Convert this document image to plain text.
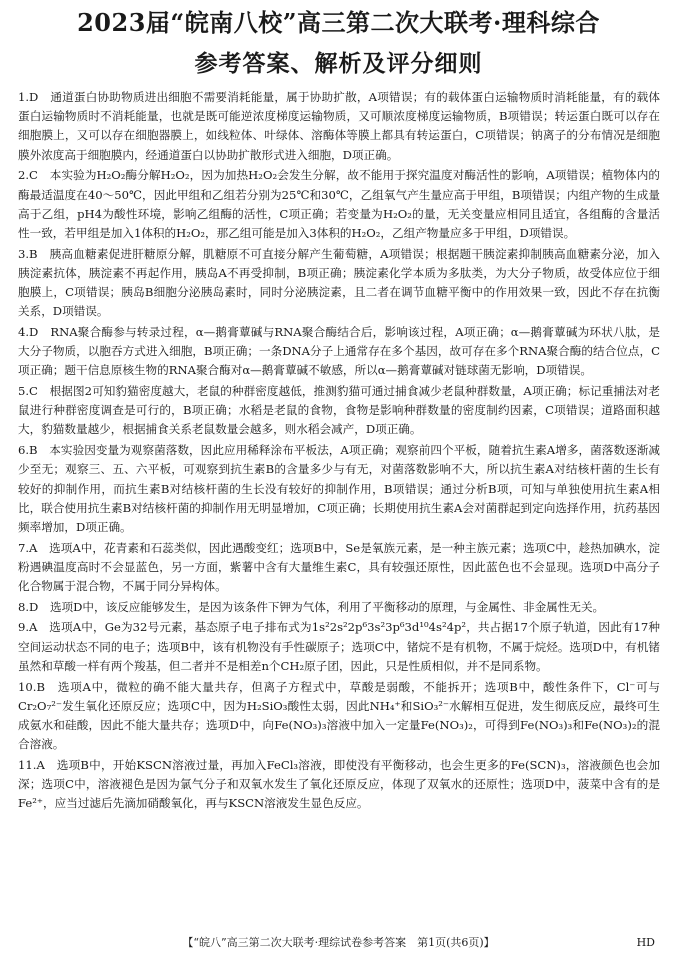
2023届“皖南八校”高三第二次大联考·理科综合
参考答案、解析及评分细则
1.D　通道蛋白协助物质进出细胞不需要消耗能量，属于协助扩散，A项错误；有的载体蛋白运输物质时消耗能量，有的载体蛋白运输物质时不消耗能量，也就是既可能逆浓度梯度运输物质，又可顺浓度梯度运输物质，B项错误；转运蛋白既可以存在细胞膜上，又可以存在细胞器膜上，如线粒体、叶绿体、溶酶体等膜上都具有转运蛋白，C项错误；钠离子的分布情况是细胞膜外浓度高于细胞膜内，经通道蛋白以协助扩散形式进入细胞，D项正确。
2.C　本实验为H₂O₂酶分解H₂O₂，因为加热H₂O₂会发生分解，故不能用于探究温度对酶活性的影响，A项错误；植物体内的酶最适温度在40～50℃，因此甲组和乙组若分别为25℃和30℃，乙组氧气产生量应高于甲组，B项错误；内组产物的生成量高于乙组，pH4为酸性环境，影响乙组酶的活性，C项正确；若变量为H₂O₂的量，无关变量应相同且适宜，各组酶的含量活性一致，若甲组是加入1体积的H₂O₂，那乙组可能是加入3体积的H₂O₂，乙组产物量应多于甲组，D项错误。
3.B　胰高血糖素促进肝糖原分解，肌糖原不可直接分解产生葡萄糖，A项错误；根据题干胰淀素抑制胰高血糖素分泌，加入胰淀素抗体，胰淀素不再起作用，胰岛A不再受抑制，B项正确；胰淀素化学本质为多肽类，为大分子物质，故受体应位于细胞膜上，C项错误；胰岛B细胞分泌胰岛素时，同时分泌胰淀素，且二者在调节血糖平衡中的作用效果一致，因此不存在抗衡关系，D项错误。
4.D　RNA聚合酶参与转录过程，α—鹅膏蕈碱与RNA聚合酶结合后，影响该过程，A项正确；α—鹅膏蕈碱为环状八肽，是大分子物质，以胞吞方式进入细胞，B项正确；一条DNA分子上通常存在多个基因，故可存在多个RNA聚合酶的结合位点，C项正确；题干信息原核生物的RNA聚合酶对α—鹅膏蕈碱不敏感，所以α—鹅膏蕈碱对链球菌无影响，D项错误。
5.C　根据图2可知豹猫密度越大，老鼠的种群密度越低，推测豹猫可通过捕食减少老鼠种群数量，A项正确；标记重捕法对老鼠进行种群密度调查是可行的，B项正确；水稻是老鼠的食物，食物是影响种群数量的密度制约因素，C项错误；道路面积越大，豹猫数量越少，根据捕食关系老鼠数量会越多，则水稻会减产，D项正确。
6.B　本实验因变量为观察菌落数，因此应用稀释涂布平板法，A项正确；观察前四个平板，随着抗生素A增多，菌落数逐渐减少至无；观察三、五、六平板，可观察到抗生素B的含量多少与有无，对菌落数影响不大，所以抗生素A对结核杆菌的生长有较好的抑制作用，而抗生素B对结核杆菌的生长没有较好的抑制作用，B项错误；通过分析B项，可知与单独使用抗生素A相比，联合使用抗生素B对结核杆菌的抑制作用无明显增加，C项正确；长期使用抗生素A会对菌群起到定向选择作用，抗药基因频率增加，D项正确。
7.A　选项A中，花青素和石蕊类似，因此遇酸变红；选项B中，Se是氧族元素，是一种主族元素；选项C中，趁热加碘水，淀粉遇碘温度高时不会显蓝色，另一方面，紫薯中含有大量维生素C，具有较强还原性，因此蓝色也不会显现。选项D中高分子化合物属于混合物，不属于同分异构体。
8.D　选项D中，该反应能够发生，是因为该条件下钾为气体，利用了平衡移动的原理，与金属性、非金属性无关。
9.A　选项A中，Ge为32号元素，基态原子电子排布式为1s²2s²2p⁶3s²3p⁶3d¹⁰4s²4p²，共占据17个原子轨道，因此有17种空间运动状态不同的电子；选项B中，该有机物没有手性碳原子；选项C中，锗烷不是有机物，不属于烷烃。选项D中，有机锗虽然和草酸一样有两个羧基，但二者并不是相差n个CH₂原子团，因此，只是性质相似，并不是同系物。
10.B　选项A中，微粒的确不能大量共存，但离子方程式中，草酸是弱酸，不能拆开；选项B中，酸性条件下，Cl⁻可与Cr₂O₇²⁻发生氧化还原反应；选项C中，因为H₂SiO₃酸性太弱，因此NH₄⁺和SiO₃²⁻水解相互促进，发生彻底反应，最终可生成氨水和硅酸，因此不能大量共存；选项D中，向Fe(NO₃)₃溶液中加入一定量Fe(NO₃)₂，可得到Fe(NO₃)₃和Fe(NO₃)₂的混合溶液。
11.A　选项B中，开始KSCN溶液过量，再加入FeCl₃溶液，即使没有平衡移动，也会生更多的Fe(SCN)₃，溶液颜色也会加深；选项C中，溶液褪色是因为氯气分子和双氧水发生了氧化还原反应，体现了双氧水的还原性；选项D中，菠菜中含有的是Fe²⁺，应当过滤后先滴加硝酸氧化，再与KSCN溶液发生显色反应。
【“皖八”高三第二次大联考·理综试卷参考答案　第1页(共6页)】	HD
